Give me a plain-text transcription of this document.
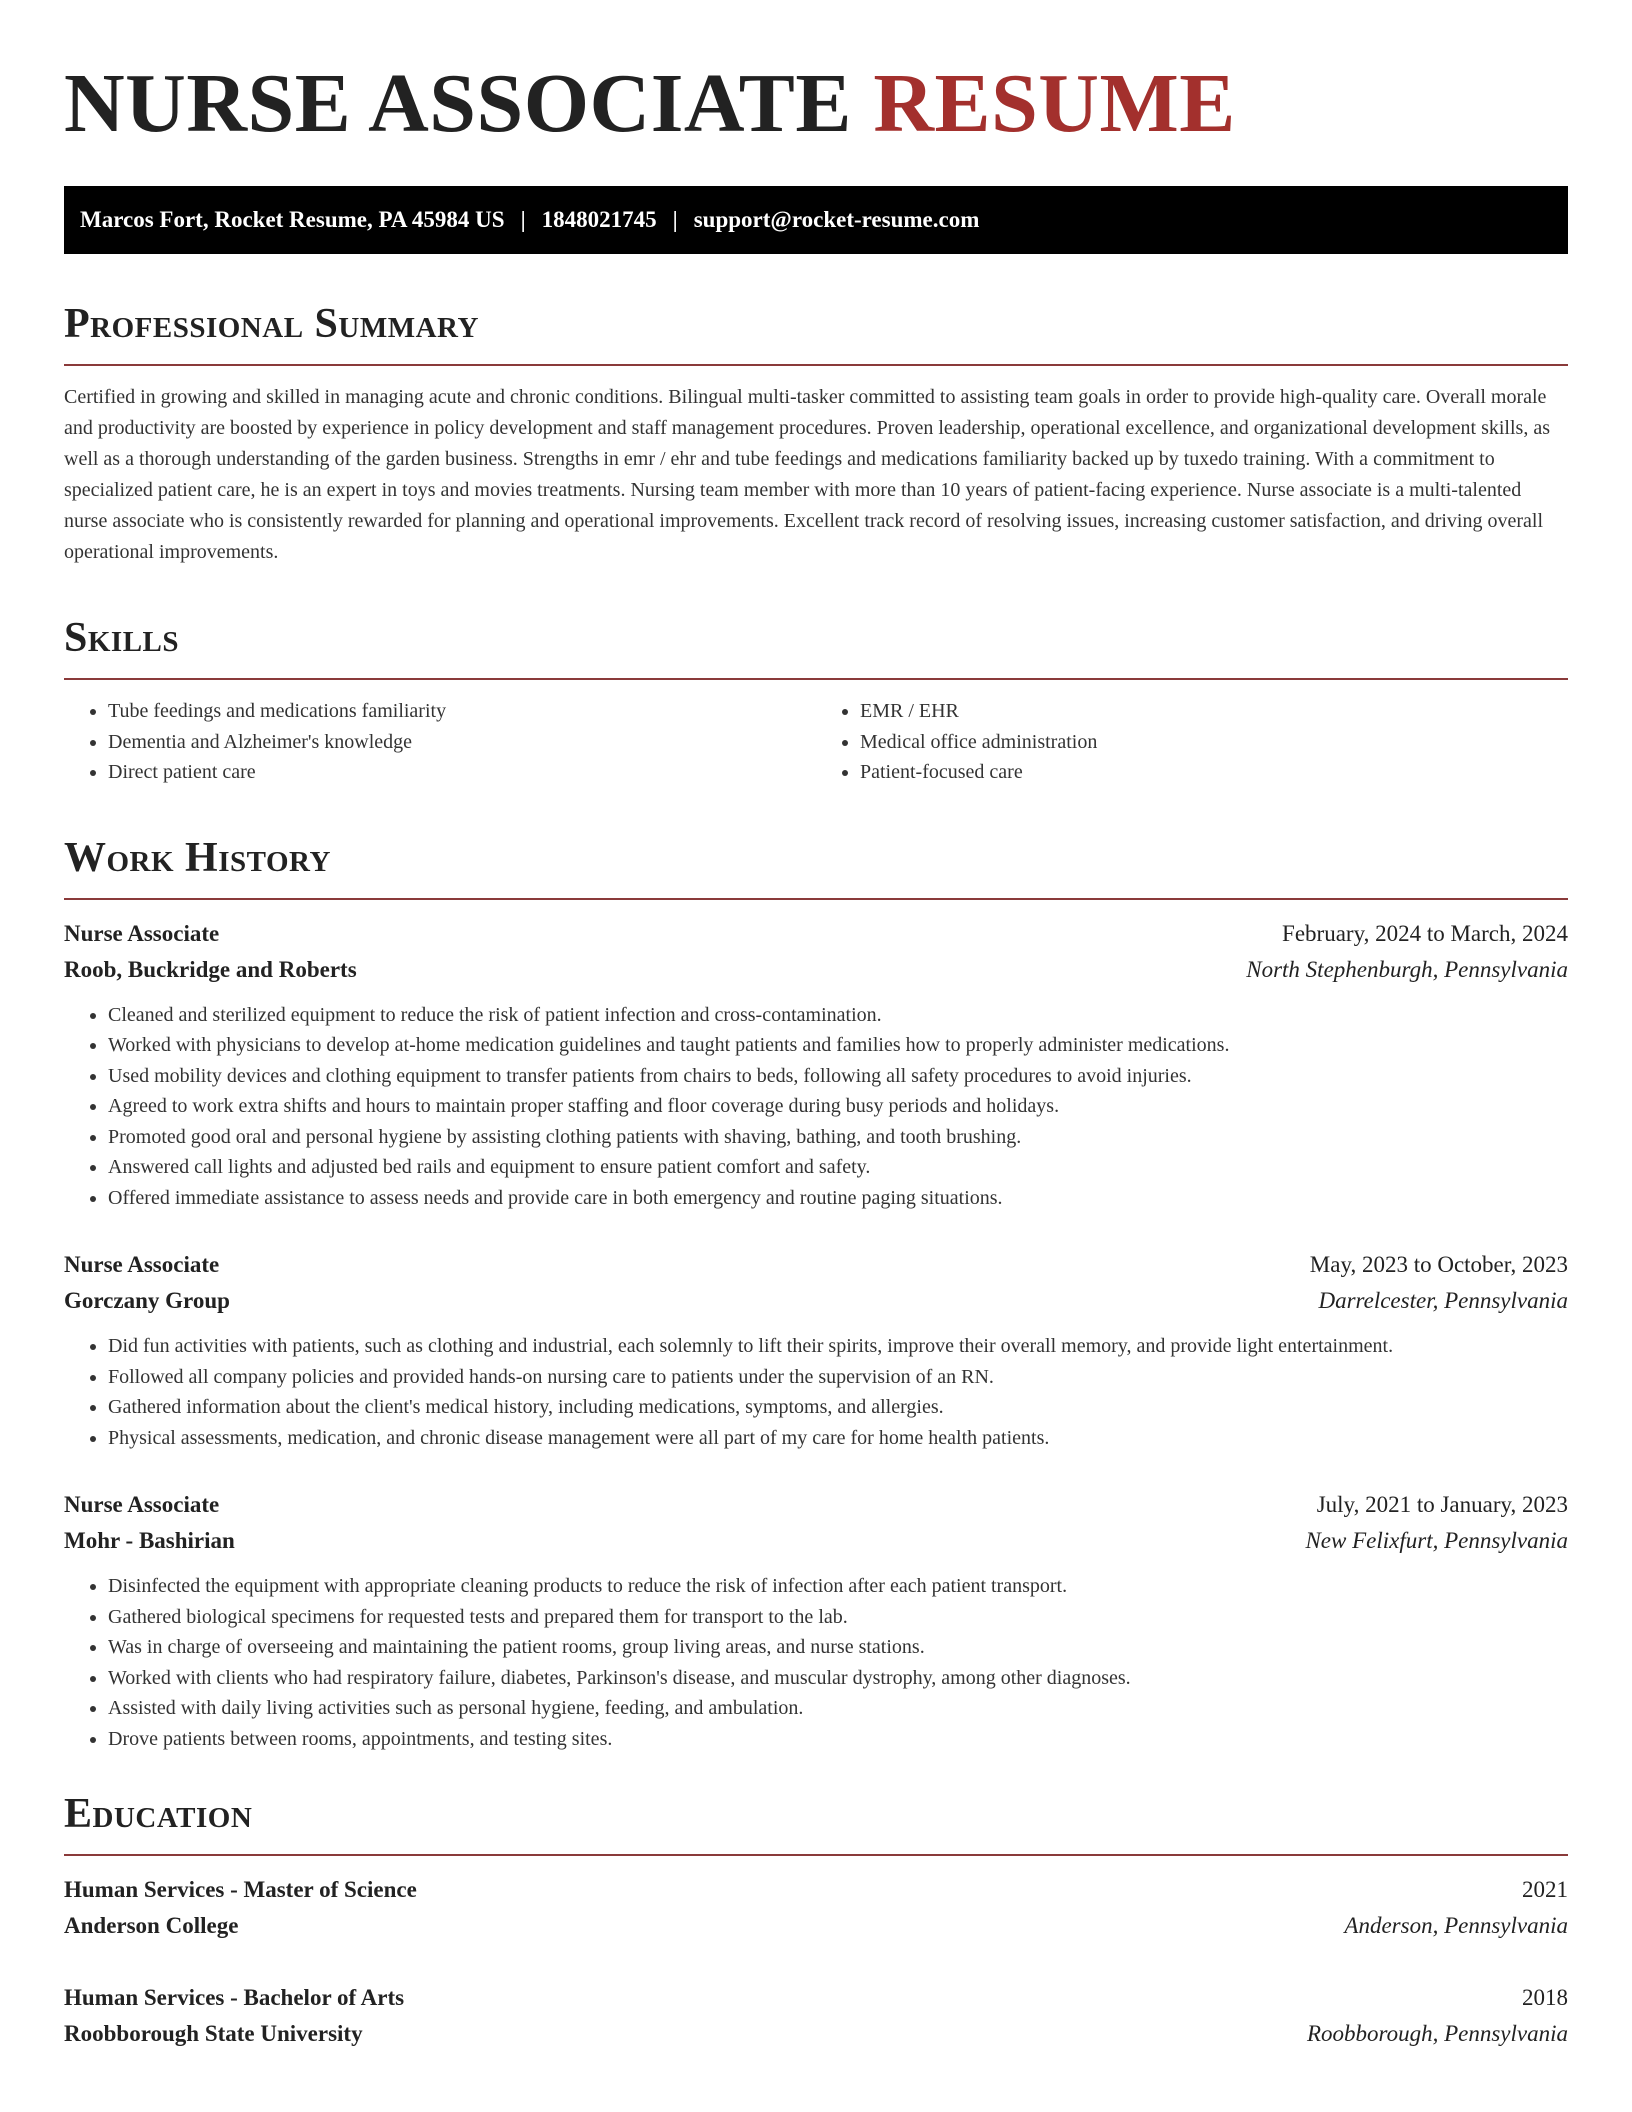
NURSE ASSOCIATE RESUME
Marcos Fort, Rocket Resume, PA 45984 US | 1848021745 | support@rocket-resume.com
Professional Summary

Certified in growing and skilled in managing acute and chronic conditions. Bilingual multi-tasker committed to assisting team goals in order to provide high-quality care. Overall morale and productivity are boosted by experience in policy development and staff management procedures. Proven leadership, operational excellence, and organizational development skills, as well as a thorough understanding of the garden business. Strengths in emr / ehr and tube feedings and medications familiarity backed up by tuxedo training. With a commitment to specialized patient care, he is an expert in toys and movies treatments. Nursing team member with more than 10 years of patient-facing experience. Nurse associate is a multi-talented nurse associate who is consistently rewarded for planning and operational improvements. Excellent track record of resolving issues, increasing customer satisfaction, and driving overall operational improvements.

Skills
• Tube feedings and medications familiarity
• Dementia and Alzheimer's knowledge
• Direct patient care
• EMR / EHR
• Medical office administration
• Patient-focused care
Work History
Nurse Associate	February, 2024 to March, 2024
Roob, Buckridge and Roberts	North Stephenburgh, Pennsylvania
• Cleaned and sterilized equipment to reduce the risk of patient infection and cross-contamination.
• Worked with physicians to develop at-home medication guidelines and taught patients and families how to properly administer medications.
• Used mobility devices and clothing equipment to transfer patients from chairs to beds, following all safety procedures to avoid injuries.
• Agreed to work extra shifts and hours to maintain proper staffing and floor coverage during busy periods and holidays.
• Promoted good oral and personal hygiene by assisting clothing patients with shaving, bathing, and tooth brushing.
• Answered call lights and adjusted bed rails and equipment to ensure patient comfort and safety.
• Offered immediate assistance to assess needs and provide care in both emergency and routine paging situations.
Nurse Associate	May, 2023 to October, 2023
Gorczany Group	Darrelcester, Pennsylvania
• Did fun activities with patients, such as clothing and industrial, each solemnly to lift their spirits, improve their overall memory, and provide light entertainment.
• Followed all company policies and provided hands-on nursing care to patients under the supervision of an RN.
• Gathered information about the client's medical history, including medications, symptoms, and allergies.
• Physical assessments, medication, and chronic disease management were all part of my care for home health patients.
Nurse Associate	July, 2021 to January, 2023
Mohr - Bashirian	New Felixfurt, Pennsylvania
• Disinfected the equipment with appropriate cleaning products to reduce the risk of infection after each patient transport.
• Gathered biological specimens for requested tests and prepared them for transport to the lab.
• Was in charge of overseeing and maintaining the patient rooms, group living areas, and nurse stations.
• Worked with clients who had respiratory failure, diabetes, Parkinson's disease, and muscular dystrophy, among other diagnoses.
• Assisted with daily living activities such as personal hygiene, feeding, and ambulation.
• Drove patients between rooms, appointments, and testing sites.
Education
Human Services - Master of Science	2021
Anderson College	Anderson, Pennsylvania
Human Services - Bachelor of Arts	2018
Roobborough State University	Roobborough, Pennsylvania
